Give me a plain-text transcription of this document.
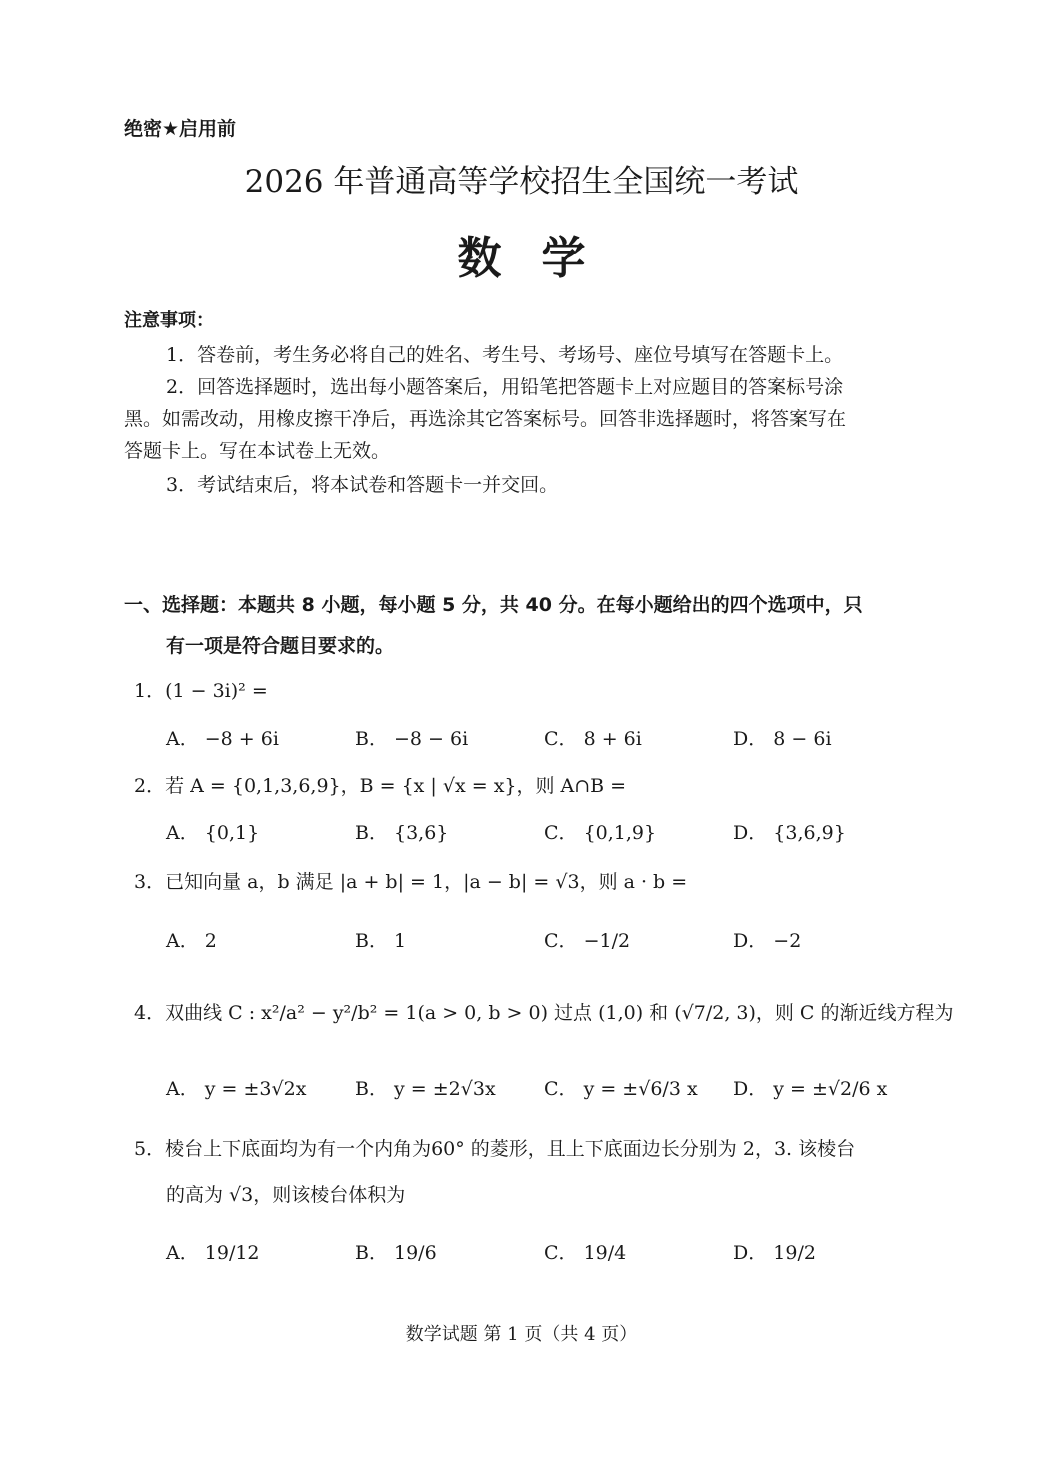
绝密★启用前
2026 年普通高等学校招生全国统一考试
数学
注意事项：
1．答卷前，考生务必将自己的姓名、考生号、考场号、座位号填写在答题卡上。
2．回答选择题时，选出每小题答案后，用铅笔把答题卡上对应题目的答案标号涂
黑。如需改动，用橡皮擦干净后，再选涂其它答案标号。回答非选择题时，将答案写在
答题卡上。写在本试卷上无效。
3．考试结束后，将本试卷和答题卡一并交回。
一、选择题：本题共 8 小题，每小题 5 分，共 40 分。在每小题给出的四个选项中，只
有一项是符合题目要求的。
1．(1 − 3i)² =
A． −8 + 6i	B． −8 − 6i	C． 8 + 6i	D． 8 − 6i
2．若 A = {0,1,3,6,9}，B = {x | √x = x}，则 A∩B =
A． {0,1}	B． {3,6}	C． {0,1,9}	D． {3,6,9}
3．已知向量 a，b 满足 |a + b| = 1，|a − b| = √3，则 a · b =
A． 2	B． 1	C． −1/2	D． −2
4．双曲线 C : x²/a² − y²/b² = 1(a > 0, b > 0) 过点 (1,0) 和 (√7/2, 3)，则 C 的渐近线方程为
A． y = ±3√2x	B． y = ±2√3x	C． y = ±√6/3 x D． y = ±√2/6 x
5．棱台上下底面均为有一个内角为60° 的菱形，且上下底面边长分别为 2，3. 该棱台
的高为 √3，则该棱台体积为
A． 19/12	B． 19/6	C． 19/4	D． 19/2
数学试题 第 1 页（共 4 页）
